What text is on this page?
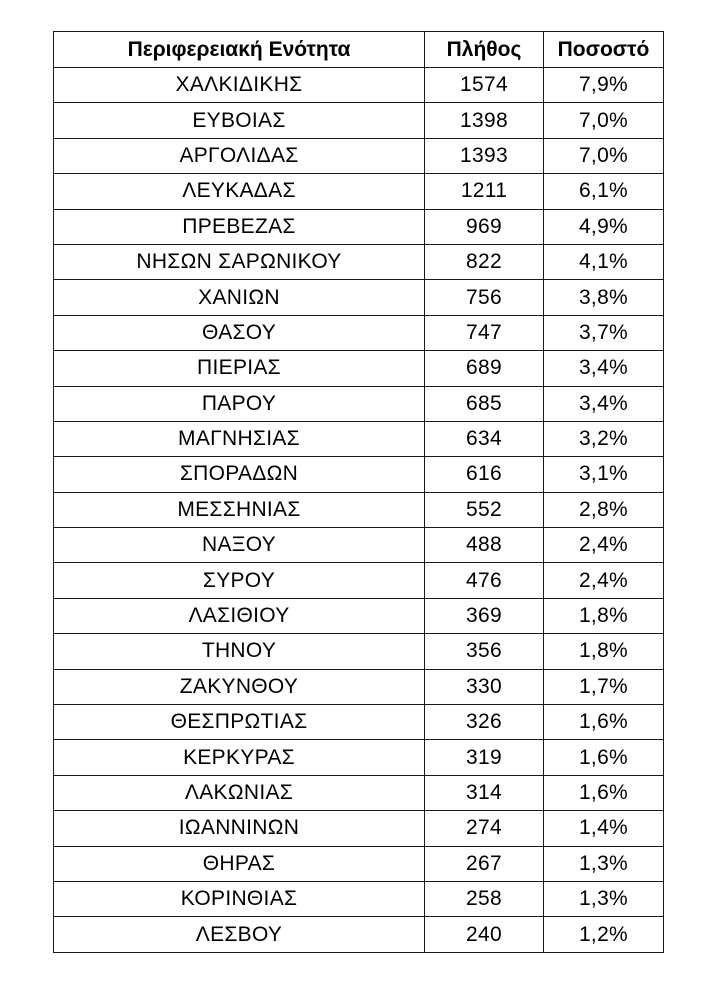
Περιφερειακή Ενότητα	Πλήθος	Ποσοστό
ΧΑΛΚΙΔΙΚΗΣ	1574	7,9%
ΕΥΒΟΙΑΣ	1398	7,0%
ΑΡΓΟΛΙΔΑΣ	1393	7,0%
ΛΕΥΚΑΔΑΣ	1211	6,1%
ΠΡΕΒΕΖΑΣ	969	4,9%
ΝΗΣΩΝ ΣΑΡΩΝΙΚΟΥ	822	4,1%
ΧΑΝΙΩΝ	756	3,8%
ΘΑΣΟΥ	747	3,7%
ΠΙΕΡΙΑΣ	689	3,4%
ΠΑΡΟΥ	685	3,4%
ΜΑΓΝΗΣΙΑΣ	634	3,2%
ΣΠΟΡΑΔΩΝ	616	3,1%
ΜΕΣΣΗΝΙΑΣ	552	2,8%
ΝΑΞΟΥ	488	2,4%
ΣΥΡΟΥ	476	2,4%
ΛΑΣΙΘΙΟΥ	369	1,8%
ΤΗΝΟΥ	356	1,8%
ΖΑΚΥΝΘΟΥ	330	1,7%
ΘΕΣΠΡΩΤΙΑΣ	326	1,6%
ΚΕΡΚΥΡΑΣ	319	1,6%
ΛΑΚΩΝΙΑΣ	314	1,6%
ΙΩΑΝΝΙΝΩΝ	274	1,4%
ΘΗΡΑΣ	267	1,3%
ΚΟΡΙΝΘΙΑΣ	258	1,3%
ΛΕΣΒΟΥ	240	1,2%
